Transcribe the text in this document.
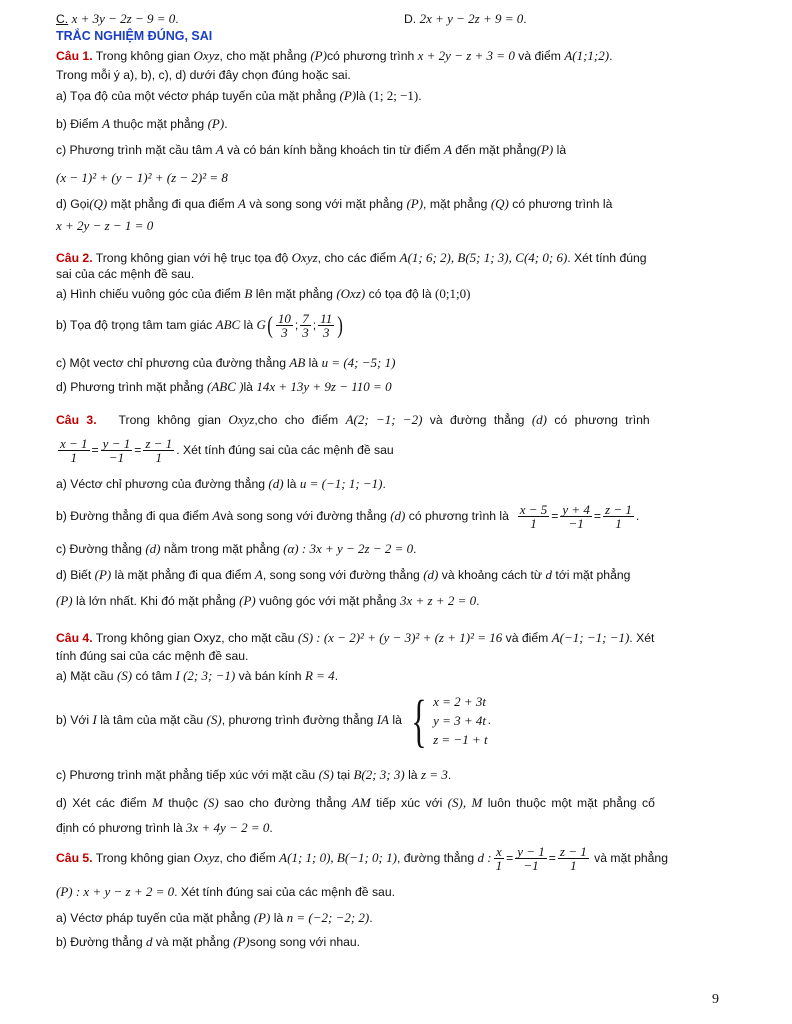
C. x + 3y − 2z − 9 = 0.	D. 2x + y − 2z + 9 = 0.
TRẮC NGHIỆM ĐÚNG, SAI
Câu 1. Trong không gian Oxyz, cho mặt phẳng (P)có phương trình x + 2y − z + 3 = 0 và điểm A(1;1;2).
Trong mỗi ý a), b), c), d) dưới đây chọn đúng hoặc sai.
a) Tọa độ của một véctơ pháp tuyến của mặt phẳng (P)là (1; 2; −1).
b) Điểm A thuộc mặt phẳng (P).
c) Phương trình mặt cầu tâm A và có bán kính bằng khoách tin từ điểm A đến mặt phẳng(P) là
(x − 1)² + (y − 1)² + (z − 2)² = 8
d) Gọi(Q) mặt phẳng đi qua điểm A và song song với mặt phẳng (P), mặt phẳng (Q) có phương trình là
x + 2y − z − 1 = 0
Câu 2. Trong không gian với hệ trục tọa độ Oxyz, cho các điểm A(1; 6; 2), B(5; 1; 3), C(4; 0; 6). Xét tính đúng
sai của các mệnh đề sau.
a) Hình chiếu vuông góc của điểm B lên mặt phẳng (Oxz) có tọa độ là (0;1;0)
b) Tọa độ trọng tâm tam giác ABC là $G( \frac{10}{3}$ ; $\frac{7}{3}$ ; $\frac{11}{3}$ )
c) Một vectơ chỉ phương của đường thẳng AB là u = (4; −5; 1)
d) Phương trình mặt phẳng (ABC )là 14x + 13y + 9z − 110 = 0
Câu 3. Trong không gian Oxyz,cho cho điểm A(2; −1; −2) và đường thẳng (d) có phương trình
$\frac{x - 1}{1} = \frac{y - 1}{-1} = \frac{z - 1}{1}$ . Xét tính đúng sai của các mệnh đề sau
a) Véctơ chỉ phương của đường thẳng (d) là u = (−1; 1; −1).
b) Đường thẳng đi qua điểm Avà song song với đường thẳng (d) có phương trình là $\frac{x - 5}{1} = \frac{y + 4}{-1} = \frac{z - 1}{1}$ .
c) Đường thẳng (d) nằm trong mặt phẳng (α) : 3x + y − 2z − 2 = 0.
d) Biết (P) là mặt phẳng đi qua điểm A, song song với đường thẳng (d) và khoảng cách từ d tới mặt phẳng
(P) là lớn nhất. Khi đó mặt phẳng (P) vuông góc với mặt phẳng 3x + z + 2 = 0.
Câu 4. Trong không gian Oxyz, cho mặt cầu (S) : (x − 2)² + (y − 3)² + (z + 1)² = 16 và điểm A(−1; −1; −1). Xét
tính đúng sai của các mệnh đề sau.
a) Mặt cầu (S) có tâm I (2; 3; −1) và bán kính R = 4.
b) Với I là tâm của mặt cầu (S), phương trình đường thẳng IA là { x = 2 + 3t
y = 3 + 4t
z = −1 + t
.
c) Phương trình mặt phẳng tiếp xúc với mặt cầu (S) tại B(2; 3; 3) là z = 3.
d) Xét các điểm M thuộc (S) sao cho đường thẳng AM tiếp xúc với (S), M luôn thuộc một mặt phẳng cố
định có phương trình là 3x + 4y − 2 = 0.
Câu 5. Trong không gian Oxyz, cho điểm A(1; 1; 0), B(−1; 0; 1), đường thẳng d : $\frac{x}{1} = \frac{y - 1}{-1} = \frac{z - 1}{1}$ và mặt phẳng
(P) : x + y − z + 2 = 0. Xét tính đúng sai của các mệnh đề sau.
a) Véctơ pháp tuyến của mặt phẳng (P) là n = (−2; −2; 2).
b) Đường thẳng d và mặt phẳng (P)song song với nhau.
9
